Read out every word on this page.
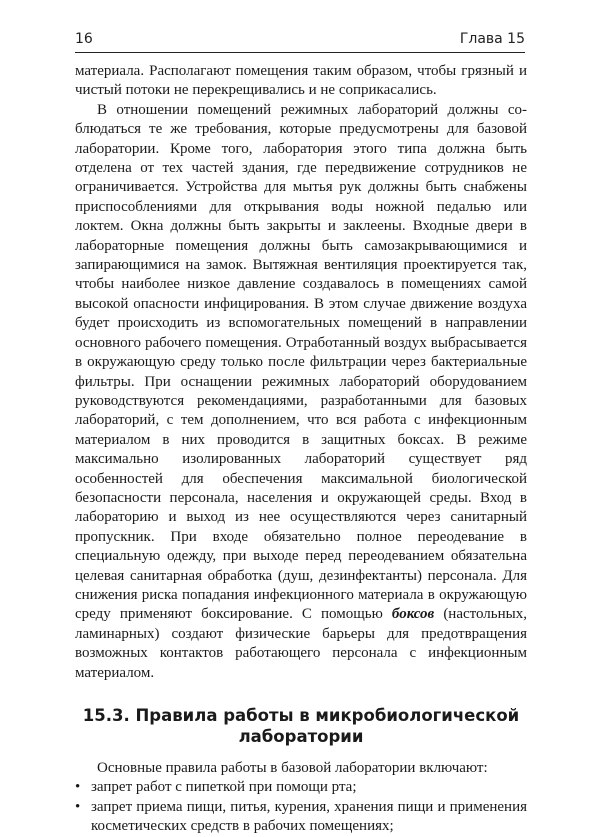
16	Глава 15

материала. Располагают помещения таким образом, чтобы грязный и чистый потоки не перекрещивались и не соприкасались.

В отношении помещений режимных лабораторий должны соблюдаться те же требования, которые предусмотрены для базовой лаборатории. Кроме того, лаборатория этого типа должна быть отделена от тех частей здания, где передвижение сотрудников не ограничивается. Устройства для мытья рук должны быть снабжены приспособлениями для открывания воды ножной педалью или локтем. Окна должны быть закрыты и заклеены. Входные двери в лабораторные помещения должны быть самозакрывающимися и запирающимися на замок. Вытяжная вентиляция проектируется так, чтобы наиболее низкое давление создавалось в помещениях самой высокой опасности инфицирования. В этом случае движение воздуха будет происходить из вспомогательных помещений в направлении основного рабочего помещения. Отработанный воздух выбрасывается в окружающую среду только после фильтрации через бактериальные фильтры. При оснащении режимных лабораторий оборудованием руководствуются рекомендациями, разработанными для базовых лабораторий, с тем дополнением, что вся работа с инфекционным материалом в них проводится в защитных боксах. В режиме максимально изолированных лабораторий существует ряд особенностей для обеспечения максимальной биологической безопасности персонала, населения и окружающей среды. Вход в лабораторию и выход из нее осуществляются через санитарный пропускник. При входе обязательно полное переодевание в специальную одежду, при выходе перед переодеванием обязательна целевая санитарная обработка (душ, дезинфектанты) персонала. Для снижения риска попадания инфекционного материала в окружающую среду применяют боксирование. С помощью боксов (настольных, ламинарных) создают физические барьеры для предотвращения возможных контактов работающего персонала с инфекционным материалом.

15.3. Правила работы в микробиологической лаборатории

Основные правила работы в базовой лаборатории включают:

• запрет работ с пипеткой при помощи рта;
• запрет приема пищи, питья, курения, хранения пищи и применения косметических средств в рабочих помещениях;
